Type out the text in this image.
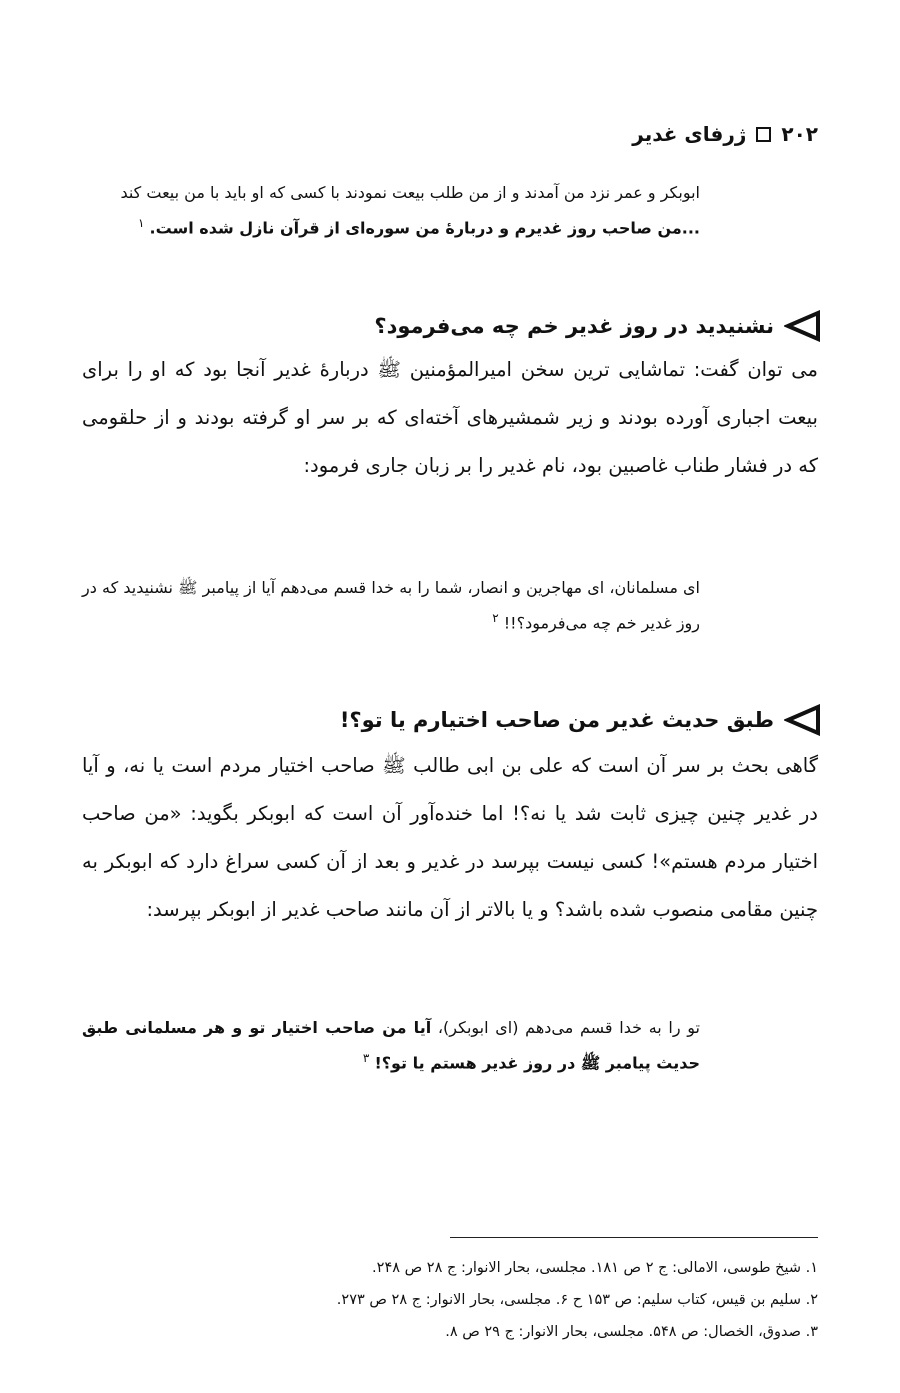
۲۰۲
ژرفای غدیر
ابوبکر و عمر نزد من آمدند و از من طلب بیعت نمودند با کسی که او باید با من بیعت کند
...من صاحب روز غدیرم و دربارهٔ من سوره‌ای از قرآن نازل شده است. $^۱$
نشنیدید در روز غدیر خم چه می‌فرمود؟
می توان گفت: تماشایی ترین سخن امیرالمؤمنین ﷺ دربارهٔ غدیر آنجا بود که او را برای بیعت اجباری آورده بودند و زیر شمشیرهای آخته‌ای که بر سر او گرفته بودند و از حلقومی که در فشار طناب غاصبین بود، نام غدیر را بر زبان جاری فرمود:
ای مسلمانان، ای مهاجرین و انصار، شما را به خدا قسم می‌دهم آیا از پیامبر ﷺ نشنیدید که در روز غدیر خم چه می‌فرمود؟!! $^۲$
طبق حدیث غدیر من صاحب اختیارم یا تو؟!
گاهی بحث بر سر آن است که علی بن ابی طالب ﷺ صاحب اختیار مردم است یا نه، و آیا در غدیر چنین چیزی ثابت شد یا نه؟! اما خنده‌آور آن است که ابوبکر بگوید: «من صاحب اختیار مردم هستم»! کسی نیست بپرسد در غدیر و بعد از آن کسی سراغ دارد که ابوبکر به چنین مقامی منصوب شده باشد؟ و یا بالاتر از آن مانند صاحب غدیر از ابوبکر بپرسد:
تو را به خدا قسم می‌دهم (ای ابوبکر)، آیا من صاحب اختیار تو و هر مسلمانی طبق حدیث پیامبر ﷺ در روز غدیر هستم یا تو؟! $^۳$
۱. شیخ طوسی، الامالی: ج ۲ ص ۱۸۱. مجلسی، بحار الانوار: ج ۲۸ ص ۲۴۸.
۲. سلیم بن قیس، کتاب سلیم: ص ۱۵۳ ح ۶. مجلسی، بحار الانوار: ج ۲۸ ص ۲۷۳.
۳. صدوق، الخصال: ص ۵۴۸. مجلسی، بحار الانوار: ج ۲۹ ص ۸.
